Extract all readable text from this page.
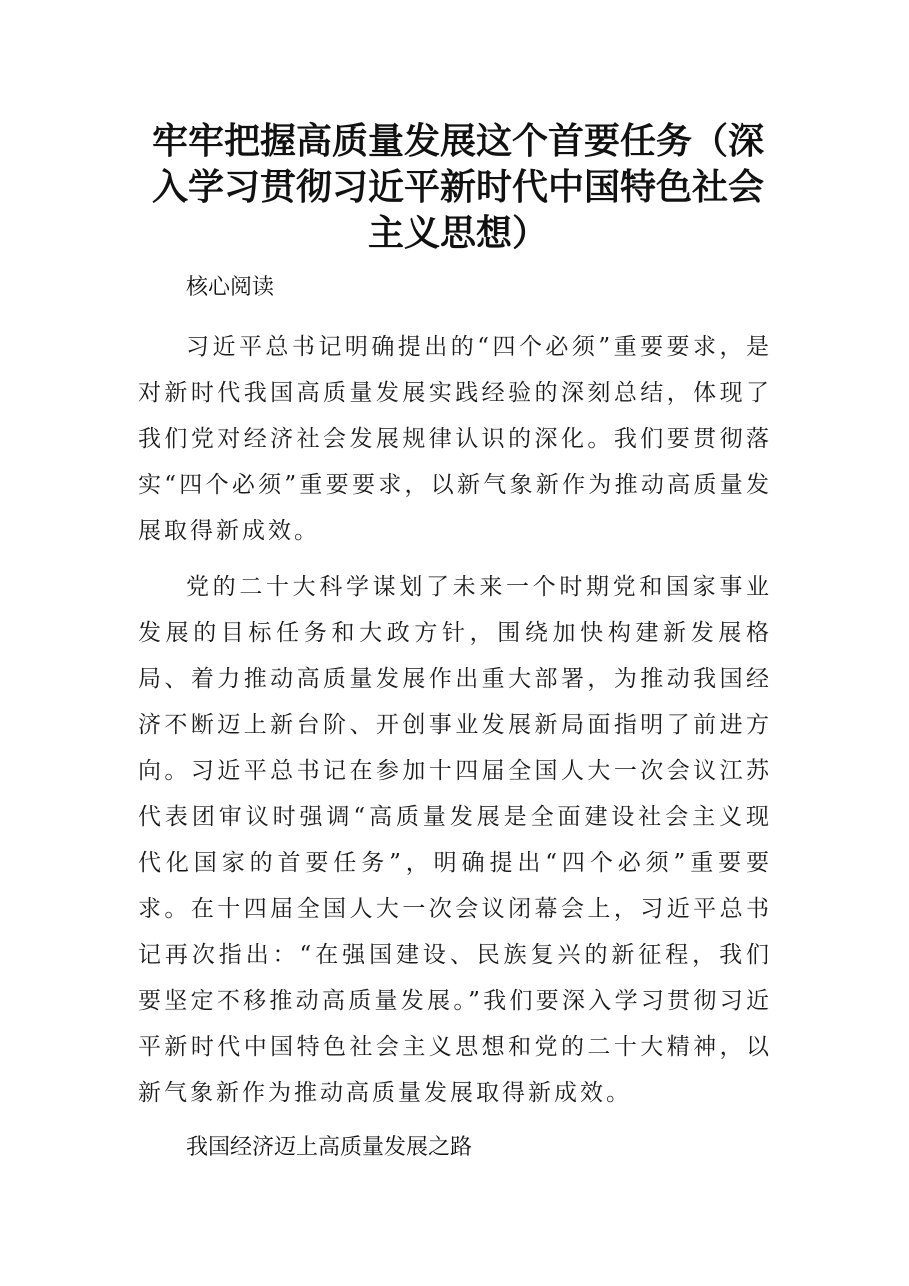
牢牢把握高质量发展这个首要任务（深入学习贯彻习近平新时代中国特色社会主义思想）
核心阅读

习近平总书记明确提出的“四个必须”重要要求，是对新时代我国高质量发展实践经验的深刻总结，体现了我们党对经济社会发展规律认识的深化。我们要贯彻落实“四个必须”重要要求，以新气象新作为推动高质量发展取得新成效。

党的二十大科学谋划了未来一个时期党和国家事业发展的目标任务和大政方针，围绕加快构建新发展格局、着力推动高质量发展作出重大部署，为推动我国经济不断迈上新台阶、开创事业发展新局面指明了前进方向。习近平总书记在参加十四届全国人大一次会议江苏代表团审议时强调“高质量发展是全面建设社会主义现代化国家的首要任务”，明确提出“四个必须”重要要求。在十四届全国人大一次会议闭幕会上，习近平总书记再次指出：“在强国建设、民族复兴的新征程，我们要坚定不移推动高质量发展。”我们要深入学习贯彻习近平新时代中国特色社会主义思想和党的二十大精神，以新气象新作为推动高质量发展取得新成效。

我国经济迈上高质量发展之路
